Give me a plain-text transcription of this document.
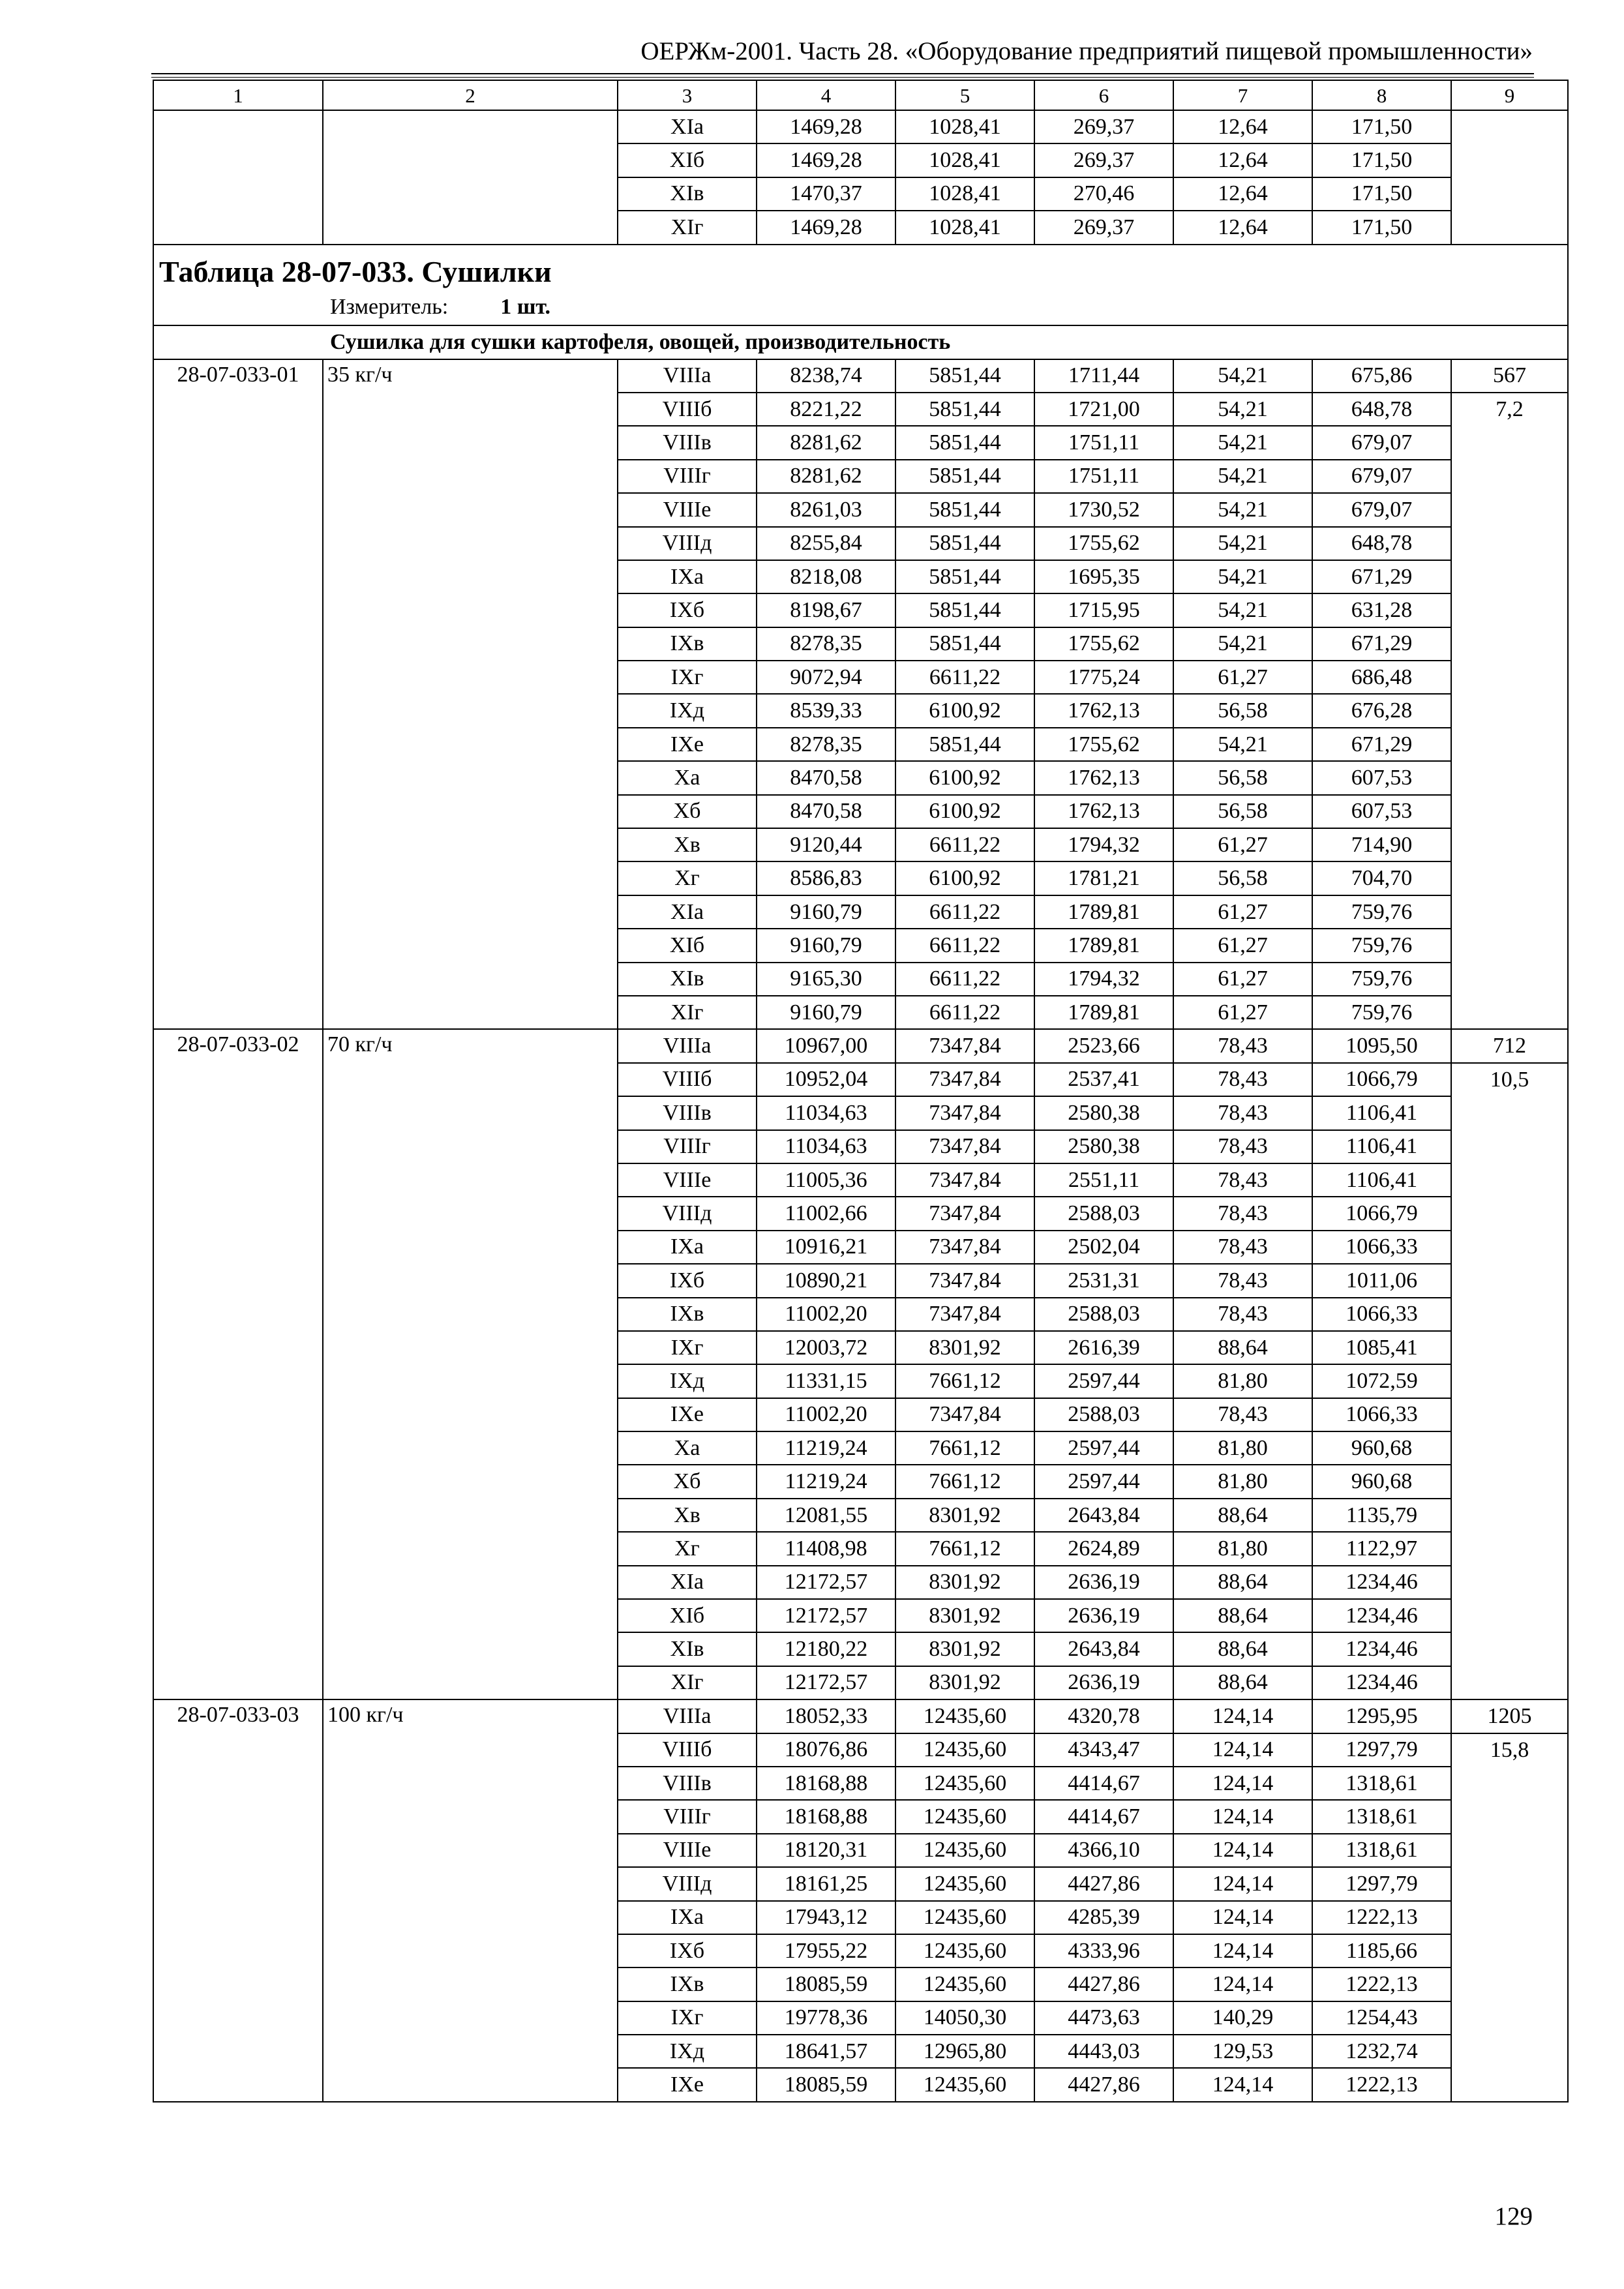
ОЕРЖм-2001. Часть 28. «Оборудование предприятий пищевой промышленности»
1	2	3	4	5	6	7	8	9
		XIа	1469,28	1028,41	269,37	12,64	171,50	
		XIб	1469,28	1028,41	269,37	12,64	171,50	
		XIв	1470,37	1028,41	270,46	12,64	171,50	
		XIг	1469,28	1028,41	269,37	12,64	171,50	

Таблица 28-07-033. Сушилки
Измеритель: 1 шт.								

Сушилка для сушки картофеля, овощей, производительность								
28-07-033-01	35 кг/ч	VIIIа	8238,74	5851,44	1711,44	54,21	675,86	567
		VIIIб	8221,22	5851,44	1721,00	54,21	648,78	7,2
		VIIIв	8281,62	5851,44	1751,11	54,21	679,07	
		VIIIг	8281,62	5851,44	1751,11	54,21	679,07	
		VIIIе	8261,03	5851,44	1730,52	54,21	679,07	
		VIIIд	8255,84	5851,44	1755,62	54,21	648,78	
		IXа	8218,08	5851,44	1695,35	54,21	671,29	
		IXб	8198,67	5851,44	1715,95	54,21	631,28	
		IXв	8278,35	5851,44	1755,62	54,21	671,29	
		IXг	9072,94	6611,22	1775,24	61,27	686,48	
		IXд	8539,33	6100,92	1762,13	56,58	676,28	
		IXе	8278,35	5851,44	1755,62	54,21	671,29	
		Xа	8470,58	6100,92	1762,13	56,58	607,53	
		Xб	8470,58	6100,92	1762,13	56,58	607,53	
		Xв	9120,44	6611,22	1794,32	61,27	714,90	
		Xг	8586,83	6100,92	1781,21	56,58	704,70	
		XIа	9160,79	6611,22	1789,81	61,27	759,76	
		XIб	9160,79	6611,22	1789,81	61,27	759,76	
		XIв	9165,30	6611,22	1794,32	61,27	759,76	
		XIг	9160,79	6611,22	1789,81	61,27	759,76	
28-07-033-02	70 кг/ч	VIIIа	10967,00	7347,84	2523,66	78,43	1095,50	712
		VIIIб	10952,04	7347,84	2537,41	78,43	1066,79	10,5
		VIIIв	11034,63	7347,84	2580,38	78,43	1106,41	
		VIIIг	11034,63	7347,84	2580,38	78,43	1106,41	
		VIIIе	11005,36	7347,84	2551,11	78,43	1106,41	
		VIIIд	11002,66	7347,84	2588,03	78,43	1066,79	
		IXа	10916,21	7347,84	2502,04	78,43	1066,33	
		IXб	10890,21	7347,84	2531,31	78,43	1011,06	
		IXв	11002,20	7347,84	2588,03	78,43	1066,33	
		IXг	12003,72	8301,92	2616,39	88,64	1085,41	
		IXд	11331,15	7661,12	2597,44	81,80	1072,59	
		IXе	11002,20	7347,84	2588,03	78,43	1066,33	
		Xа	11219,24	7661,12	2597,44	81,80	960,68	
		Xб	11219,24	7661,12	2597,44	81,80	960,68	
		Xв	12081,55	8301,92	2643,84	88,64	1135,79	
		Xг	11408,98	7661,12	2624,89	81,80	1122,97	
		XIа	12172,57	8301,92	2636,19	88,64	1234,46	
		XIб	12172,57	8301,92	2636,19	88,64	1234,46	
		XIв	12180,22	8301,92	2643,84	88,64	1234,46	
		XIг	12172,57	8301,92	2636,19	88,64	1234,46	
28-07-033-03	100 кг/ч	VIIIа	18052,33	12435,60	4320,78	124,14	1295,95	1205
		VIIIб	18076,86	12435,60	4343,47	124,14	1297,79	15,8
		VIIIв	18168,88	12435,60	4414,67	124,14	1318,61	
		VIIIг	18168,88	12435,60	4414,67	124,14	1318,61	
		VIIIе	18120,31	12435,60	4366,10	124,14	1318,61	
		VIIIд	18161,25	12435,60	4427,86	124,14	1297,79	
		IXа	17943,12	12435,60	4285,39	124,14	1222,13	
		IXб	17955,22	12435,60	4333,96	124,14	1185,66	
		IXв	18085,59	12435,60	4427,86	124,14	1222,13	
		IXг	19778,36	14050,30	4473,63	140,29	1254,43	
		IXд	18641,57	12965,80	4443,03	129,53	1232,74	
		IXе	18085,59	12435,60	4427,86	124,14	1222,13	
129
